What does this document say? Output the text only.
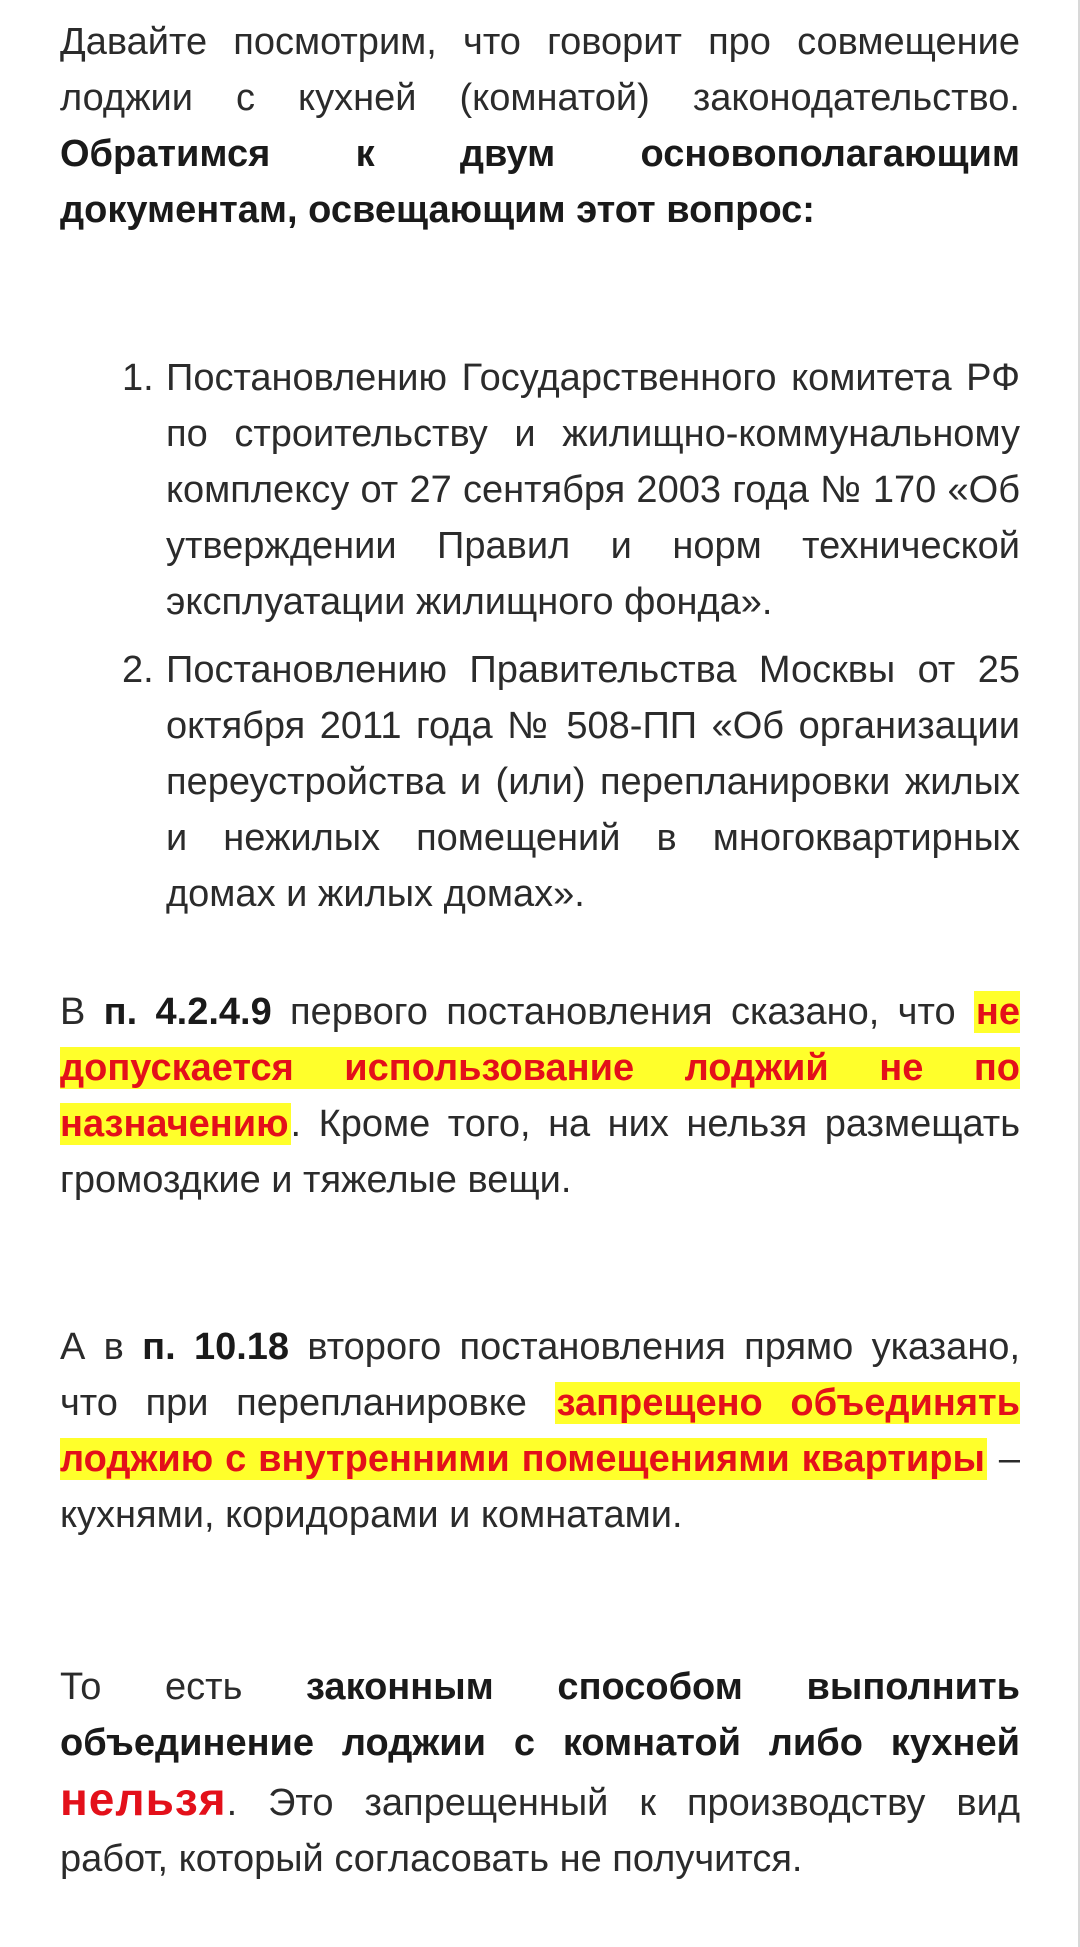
Давайте посмотрим, что говорит про совмещение лоджии с кухней (комнатой) законодательство. Обратимся к двум основополагающим документам, освещающим этот вопрос:

1. Постановлению Государственного комитета РФ по строительству и жилищно-коммунальному комплексу от 27 сентября 2003 года № 170 «Об утверждении Правил и норм технической эксплуатации жилищного фонда».
2. Постановлению Правительства Москвы от 25 октября 2011 года № 508-ПП «Об организации переустройства и (или) перепланировки жилых и нежилых помещений в многоквартирных домах и жилых домах».

В п. 4.2.4.9 первого постановления сказано, что не допускается использование лоджий не по назначению. Кроме того, на них нельзя размещать громоздкие и тяжелые вещи.

А в п. 10.18 второго постановления прямо указано, что при перепланировке запрещено объединять лоджию с внутренними помещениями квартиры – кухнями, коридорами и комнатами.

То есть законным способом выполнить объединение лоджии с комнатой либо кухней нельзя. Это запрещенный к производству вид работ, который согласовать не получится.
